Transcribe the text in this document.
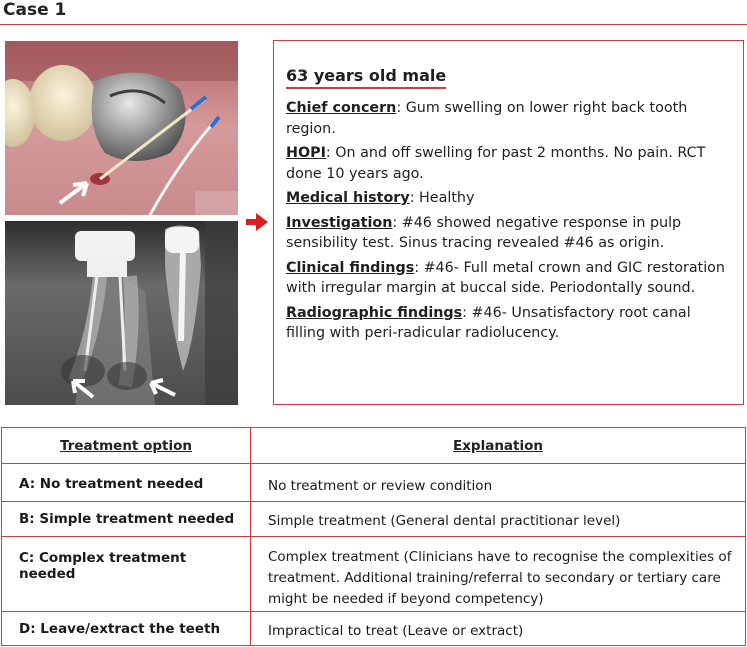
Case 1
63 years old male
Chief concern: Gum swelling on lower right back tooth region.
HOPI: On and off swelling for past 2 months. No pain. RCT done 10 years ago.
Medical history: Healthy
Investigation: #46 showed negative response in pulp sensibility test. Sinus tracing revealed #46 as origin.
Clinical findings: #46- Full metal crown and GIC restoration with irregular margin at buccal side. Periodontally sound.
Radiographic findings: #46- Unsatisfactory root canal filling with peri-radicular radiolucency.
Treatment option	Explanation
A: No treatment needed	No treatment or review condition
B: Simple treatment needed	Simple treatment (General dental practitionar level)
C: Complex treatment needed	Complex treatment (Clinicians have to recognise the complexities of treatment. Additional training/referral to secondary or tertiary care might be needed if beyond competency)
D: Leave/extract the teeth	Impractical to treat (Leave or extract)
